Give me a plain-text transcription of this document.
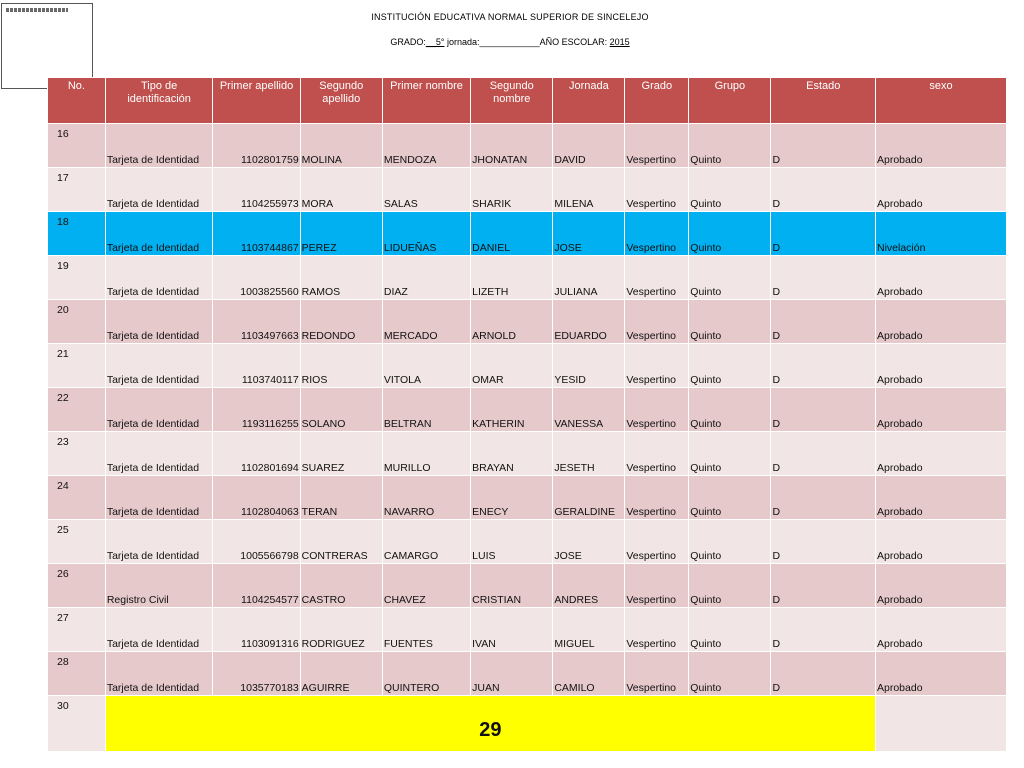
INSTITUCIÓN EDUCATIVA NORMAL SUPERIOR DE SINCELEJO
GRADO:__5° jornada:____________AÑO ESCOLAR: 2015
No.	Tipo de identificación	Primer apellido	Segundo apellido	Primer nombre	Segundo nombre	Jornada	Grado	Grupo	Estado	sexo
16	Tarjeta de Identidad	1102801759	MOLINA	MENDOZA	JHONATAN	DAVID	Vespertino	Quinto	D	Aprobado
17	Tarjeta de Identidad	1104255973	MORA	SALAS	SHARIK	MILENA	Vespertino	Quinto	D	Aprobado
18	Tarjeta de Identidad	1103744867	PEREZ	LIDUEÑAS	DANIEL	JOSE	Vespertino	Quinto	D	Nivelación
19	Tarjeta de Identidad	1003825560	RAMOS	DIAZ	LIZETH	JULIANA	Vespertino	Quinto	D	Aprobado
20	Tarjeta de Identidad	1103497663	REDONDO	MERCADO	ARNOLD	EDUARDO	Vespertino	Quinto	D	Aprobado
21	Tarjeta de Identidad	1103740117	RIOS	VITOLA	OMAR	YESID	Vespertino	Quinto	D	Aprobado
22	Tarjeta de Identidad	1193116255	SOLANO	BELTRAN	KATHERIN	VANESSA	Vespertino	Quinto	D	Aprobado
23	Tarjeta de Identidad	1102801694	SUAREZ	MURILLO	BRAYAN	JESETH	Vespertino	Quinto	D	Aprobado
24	Tarjeta de Identidad	1102804063	TERAN	NAVARRO	ENECY	GERALDINE	Vespertino	Quinto	D	Aprobado
25	Tarjeta de Identidad	1005566798	CONTRERAS	CAMARGO	LUIS	JOSE	Vespertino	Quinto	D	Aprobado
26	Registro Civil	1104254577	CASTRO	CHAVEZ	CRISTIAN	ANDRES	Vespertino	Quinto	D	Aprobado
27	Tarjeta de Identidad	1103091316	RODRIGUEZ	FUENTES	IVAN	MIGUEL	Vespertino	Quinto	D	Aprobado
28	Tarjeta de Identidad	1035770183	AGUIRRE	QUINTERO	JUAN	CAMILO	Vespertino	Quinto	D	Aprobado
30	29									
